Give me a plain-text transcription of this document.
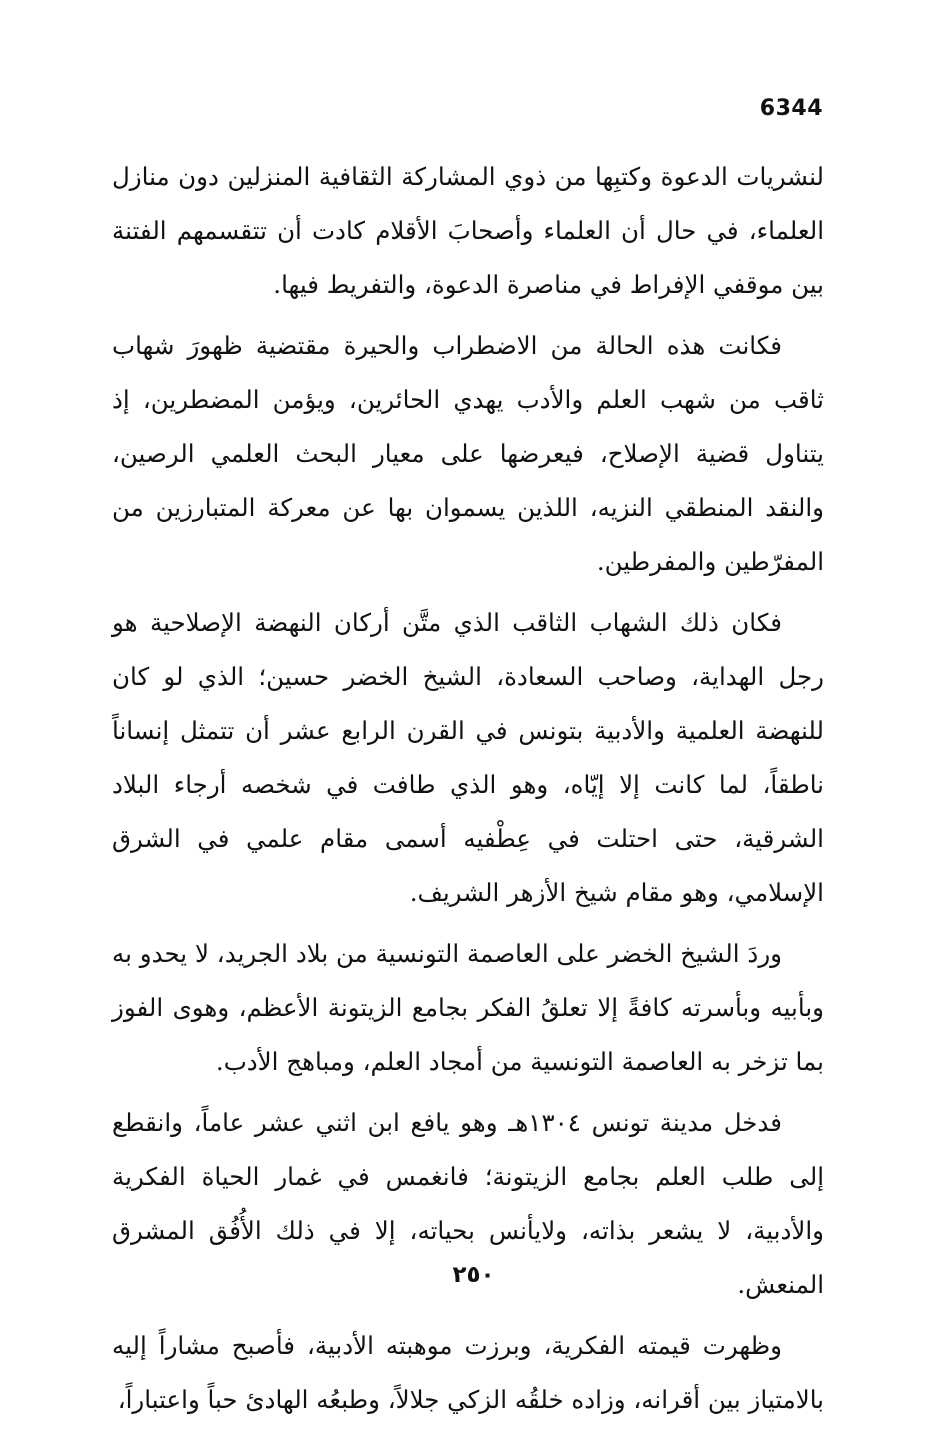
6344

لنشريات الدعوة وكتبِها من ذوي المشاركة الثقافية المنزلين دون منازل العلماء، في حال أن العلماء وأصحابَ الأقلام كادت أن تتقسمهم الفتنة بين موقفي الإفراط في مناصرة الدعوة، والتفريط فيها.

فكانت هذه الحالة من الاضطراب والحيرة مقتضية ظهورَ شهاب ثاقب من شهب العلم والأدب يهدي الحائرين، ويؤمن المضطرين، إذ يتناول قضية الإصلاح، فيعرضها على معيار البحث العلمي الرصين، والنقد المنطقي النزيه، اللذين يسموان بها عن معركة المتبارزين من المفرّطين والمفرطين.

فكان ذلك الشهاب الثاقب الذي متَّن أركان النهضة الإصلاحية هو رجل الهداية، وصاحب السعادة، الشيخ الخضر حسين؛ الذي لو كان للنهضة العلمية والأدبية بتونس في القرن الرابع عشر أن تتمثل إنساناً ناطقاً، لما كانت إلا إيّاه، وهو الذي طافت في شخصه أرجاء البلاد الشرقية، حتى احتلت في عِطْفيه أسمى مقام علمي في الشرق الإسلامي، وهو مقام شيخ الأزهر الشريف.

وردَ الشيخ الخضر على العاصمة التونسية من بلاد الجريد، لا يحدو به وبأبيه وبأسرته كافةً إلا تعلقُ الفكر بجامع الزيتونة الأعظم، وهوى الفوز بما تزخر به العاصمة التونسية من أمجاد العلم، ومباهج الأدب.

فدخل مدينة تونس ١٣٠٤هـ وهو يافع ابن اثني عشر عاماً، وانقطع إلى طلب العلم بجامع الزيتونة؛ فانغمس في غمار الحياة الفكرية والأدبية، لا يشعر بذاته، ولايأنس بحياته، إلا في ذلك الأُفُق المشرق المنعش.

وظهرت قيمته الفكرية، وبرزت موهبته الأدبية، فأصبح مشاراً إليه بالامتياز بين أقرانه، وزاده خلقُه الزكي جلالاً، وطبعُه الهادئ حباً واعتباراً،

٢٥٠
